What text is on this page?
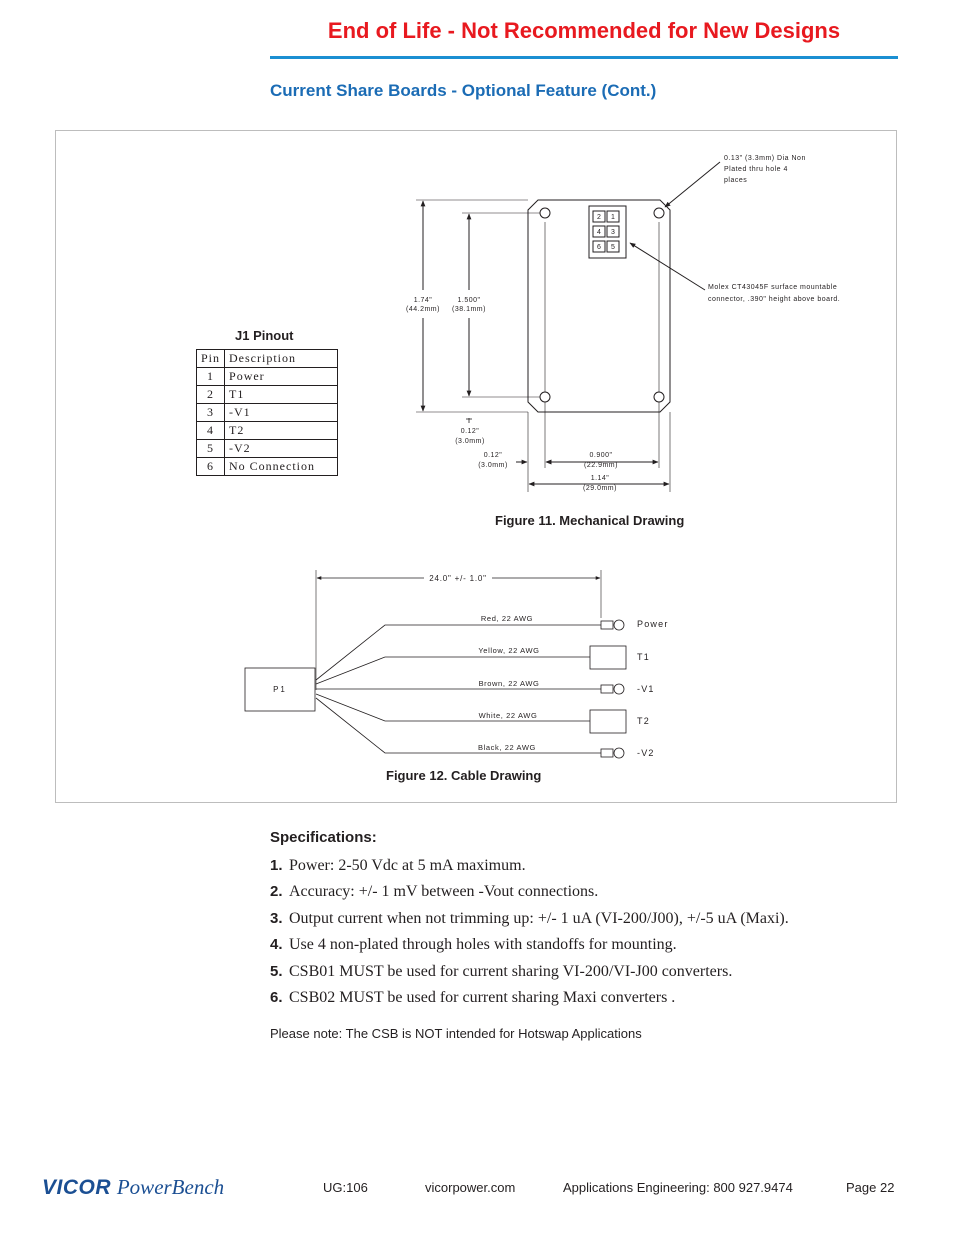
End of Life - Not Recommended for New Designs
Current Share Boards - Optional Feature (Cont.)
2 1
4 3
6 5
0.13" (3.3mm) Dia Non
Plated thru hole 4
places
Molex CT43045F surface mountable
connector, .390" height above board.
1.74"
(44.2mm)
1.500"
(38.1mm)
0.12"
(3.0mm)
0.12"
(3.0mm)
0.900"
(22.9mm)
1.14"
(29.0mm)
24.0" +/- 1.0"
P1
Red, 22 AWG
Yellow, 22 AWG
Brown, 22 AWG
White, 22 AWG
Black, 22 AWG
Power
T1
-V1
T2
-V2
J1 Pinout
Pin	Description
1	Power
2	T1
3	-V1
4	T2
5	-V2
6	No Connection
Figure 11. Mechanical Drawing
Figure 12. Cable Drawing
Specifications:
1. Power: 2-50 Vdc at 5 mA maximum.
2. Accuracy: +/- 1 mV between -Vout connections.
3. Output current when not trimming up: +/- 1 uA (VI-200/J00), +/-5 uA (Maxi).
4. Use 4 non-plated through holes with standoffs for mounting.
5. CSB01 MUST be used for current sharing VI-200/VI-J00 converters.
6. CSB02 MUST be used for current sharing Maxi converters .
Please note: The CSB is NOT intended for Hotswap Applications
VICOR PowerBench	UG:106	vicorpower.com	Applications Engineering: 800 927.9474	Page 22
